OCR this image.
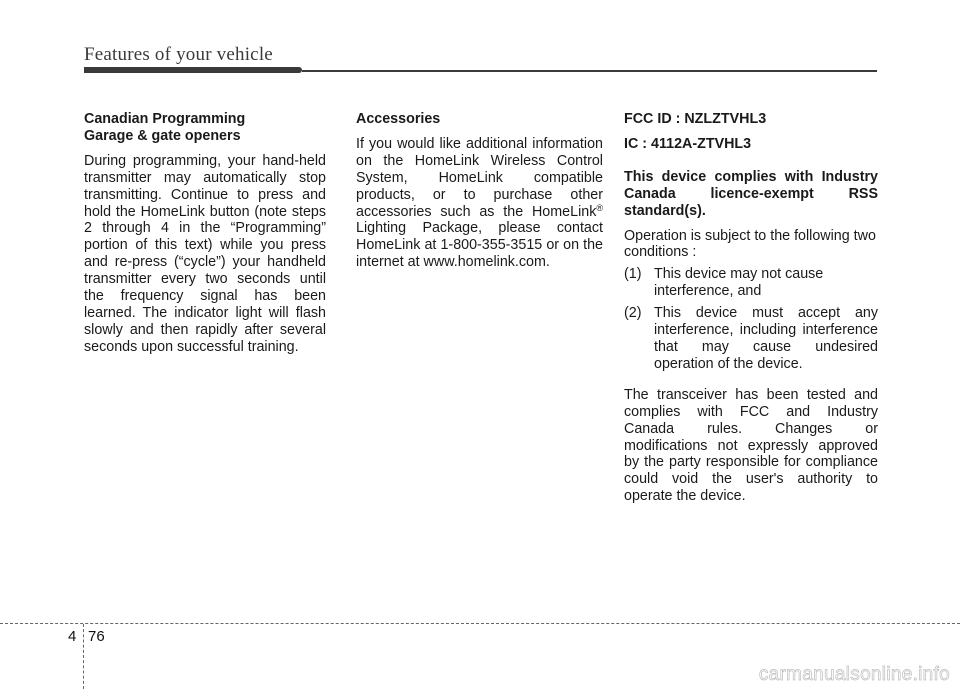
Features of your vehicle
Canadian Programming
Garage & gate openers

During programming, your hand-held transmitter may automatically stop transmitting. Continue to press and hold the HomeLink button (note steps 2 through 4 in the “Programming” portion of this text) while you press and re-press (“cycle”) your handheld transmitter every two seconds until the frequency signal has been learned. The indicator light will flash slowly and then rapidly after several seconds upon successful training.

Accessories

If you would like additional information on the HomeLink Wireless Control System, HomeLink compatible products, or to purchase other accessories such as the HomeLink® Lighting Package, please contact HomeLink at 1-800-355-3515 or on the internet at www.homelink.com.

FCC ID : NZLZTVHL3
IC : 4112A-ZTVHL3
This device complies with Industry Canada licence-exempt RSS standard(s).

Operation is subject to the following two conditions :

(1) This device may not cause interference, and
(2) This device must accept any interference, including interference that may cause undesired operation of the device.

The transceiver has been tested and complies with FCC and Industry Canada rules. Changes or modifications not expressly approved by the party responsible for compliance could void the user's authority to operate the device.

4 76
carmanualsonline.info
